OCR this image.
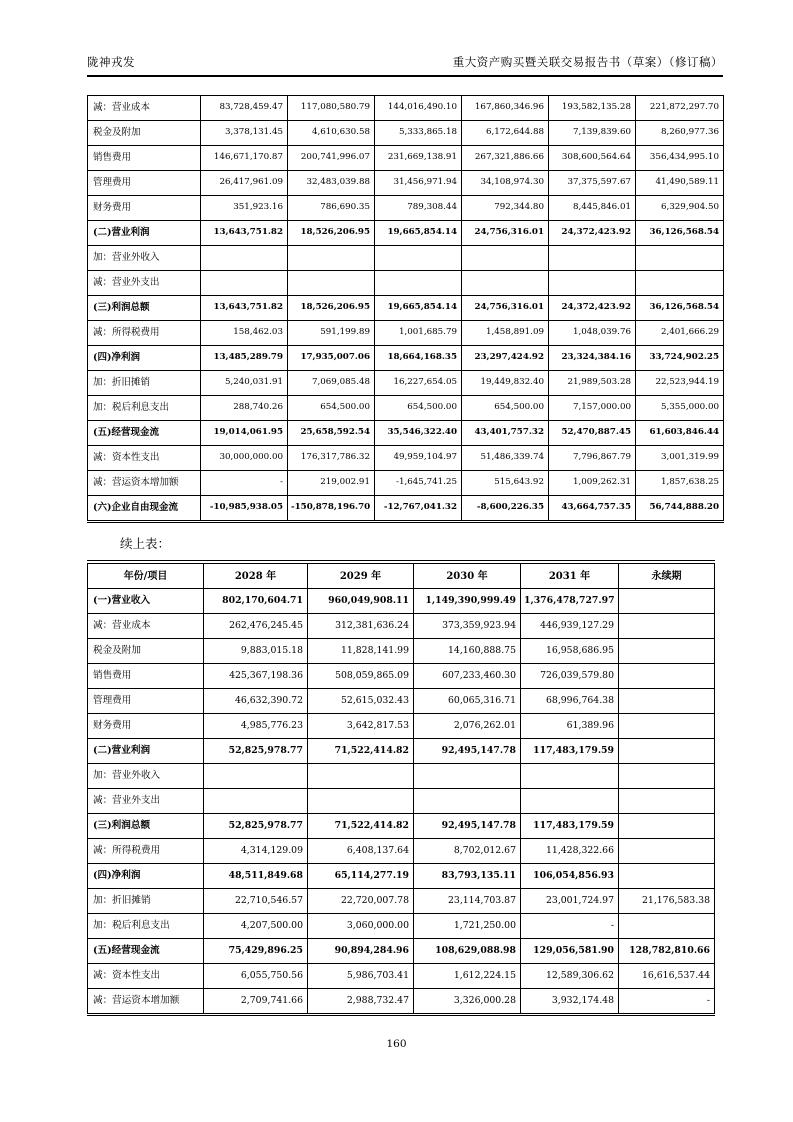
陇神戎发	重大资产购买暨关联交易报告书（草案）（修订稿）
减：营业成本	83,728,459.47	117,080,580.79	144,016,490.10	167,860,346.96	193,582,135.28	221,872,297.70
税金及附加	3,378,131.45	4,610,630.58	5,333,865.18	6,172,644.88	7,139,839.60	8,260,977.36
销售费用	146,671,170.87	200,741,996.07	231,669,138.91	267,321,886.66	308,600,564.64	356,434,995.10
管理费用	26,417,961.09	32,483,039.88	31,456,971.94	34,108,974.30	37,375,597.67	41,490,589.11
财务费用	351,923.16	786,690.35	789,308.44	792,344.80	8,445,846.01	6,329,904.50
(二)营业利润	13,643,751.82	18,526,206.95	19,665,854.14	24,756,316.01	24,372,423.92	36,126,568.54
加：营业外收入						
减：营业外支出						
(三)利润总额	13,643,751.82	18,526,206.95	19,665,854.14	24,756,316.01	24,372,423.92	36,126,568.54
减：所得税费用	158,462.03	591,199.89	1,001,685.79	1,458,891.09	1,048,039.76	2,401,666.29
(四)净利润	13,485,289.79	17,935,007.06	18,664,168.35	23,297,424.92	23,324,384.16	33,724,902.25
加：折旧摊销	5,240,031.91	7,069,085.48	16,227,654.05	19,449,832.40	21,989,503.28	22,523,944.19
加：税后利息支出	288,740.26	654,500.00	654,500.00	654,500.00	7,157,000.00	5,355,000.00
(五)经营现金流	19,014,061.95	25,658,592.54	35,546,322.40	43,401,757.32	52,470,887.45	61,603,846.44
减：资本性支出	30,000,000.00	176,317,786.32	49,959,104.97	51,486,339.74	7,796,867.79	3,001,319.99
减：营运资本增加额	-	219,002.91	-1,645,741.25	515,643.92	1,009,262.31	1,857,638.25
(六)企业自由现金流	-10,985,938.05	-150,878,196.70	-12,767,041.32	-8,600,226.35	43,664,757.35	56,744,888.20
续上表：
年份/项目	2028 年	2029 年	2030 年	2031 年	永续期
(一)营业收入	802,170,604.71	960,049,908.11	1,149,390,999.49	1,376,478,727.97	
减：营业成本	262,476,245.45	312,381,636.24	373,359,923.94	446,939,127.29	
税金及附加	9,883,015.18	11,828,141.99	14,160,888.75	16,958,686.95	
销售费用	425,367,198.36	508,059,865.09	607,233,460.30	726,039,579.80	
管理费用	46,632,390.72	52,615,032.43	60,065,316.71	68,996,764.38	
财务费用	4,985,776.23	3,642,817.53	2,076,262.01	61,389.96	
(二)营业利润	52,825,978.77	71,522,414.82	92,495,147.78	117,483,179.59	
加：营业外收入					
减：营业外支出					
(三)利润总额	52,825,978.77	71,522,414.82	92,495,147.78	117,483,179.59	
减：所得税费用	4,314,129.09	6,408,137.64	8,702,012.67	11,428,322.66	
(四)净利润	48,511,849.68	65,114,277.19	83,793,135.11	106,054,856.93	
加：折旧摊销	22,710,546.57	22,720,007.78	23,114,703.87	23,001,724.97	21,176,583.38
加：税后利息支出	4,207,500.00	3,060,000.00	1,721,250.00	-	
(五)经营现金流	75,429,896.25	90,894,284.96	108,629,088.98	129,056,581.90	128,782,810.66
减：资本性支出	6,055,750.56	5,986,703.41	1,612,224.15	12,589,306.62	16,616,537.44
减：营运资本增加额	2,709,741.66	2,988,732.47	3,326,000.28	3,932,174.48	-
160
